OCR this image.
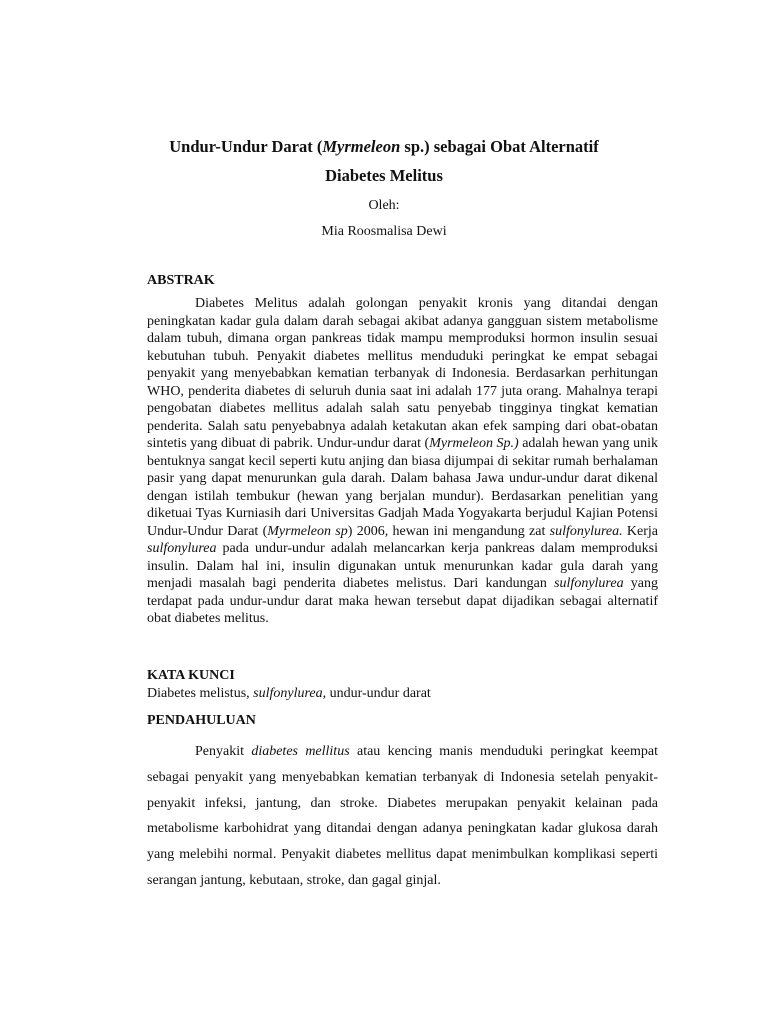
Undur-Undur Darat (Myrmeleon sp.) sebagai Obat Alternatif
Diabetes Melitus

Oleh:

Mia Roosmalisa Dewi

ABSTRAK

Diabetes Melitus adalah golongan penyakit kronis yang ditandai dengan peningkatan kadar gula dalam darah sebagai akibat adanya gangguan sistem metabolisme dalam tubuh, dimana organ pankreas tidak mampu memproduksi hormon insulin sesuai kebutuhan tubuh. Penyakit diabetes mellitus menduduki peringkat ke empat sebagai penyakit yang menyebabkan kematian terbanyak di Indonesia. Berdasarkan perhitungan WHO, penderita diabetes di seluruh dunia saat ini adalah 177 juta orang. Mahalnya terapi pengobatan diabetes mellitus adalah salah satu penyebab tingginya tingkat kematian penderita. Salah satu penyebabnya adalah ketakutan akan efek samping dari obat-obatan sintetis yang dibuat di pabrik. Undur-undur darat (Myrmeleon Sp.) adalah hewan yang unik bentuknya sangat kecil seperti kutu anjing dan biasa dijumpai di sekitar rumah berhalaman pasir yang dapat menurunkan gula darah. Dalam bahasa Jawa undur-undur darat dikenal dengan istilah tembukur (hewan yang berjalan mundur). Berdasarkan penelitian yang diketuai Tyas Kurniasih dari Universitas Gadjah Mada Yogyakarta berjudul Kajian Potensi Undur-Undur Darat (Myrmeleon sp) 2006, hewan ini mengandung zat sulfonylurea. Kerja sulfonylurea pada undur-undur adalah melancarkan kerja pankreas dalam memproduksi insulin. Dalam hal ini, insulin digunakan untuk menurunkan kadar gula darah yang menjadi masalah bagi penderita diabetes melistus. Dari kandungan sulfonylurea yang terdapat pada undur-undur darat maka hewan tersebut dapat dijadikan sebagai alternatif obat diabetes melitus.

KATA KUNCI

Diabetes melistus, sulfonylurea, undur-undur darat

PENDAHULUAN

Penyakit diabetes mellitus atau kencing manis menduduki peringkat keempat sebagai penyakit yang menyebabkan kematian terbanyak di Indonesia setelah penyakit-penyakit infeksi, jantung, dan stroke. Diabetes merupakan penyakit kelainan pada metabolisme karbohidrat yang ditandai dengan adanya peningkatan kadar glukosa darah yang melebihi normal. Penyakit diabetes mellitus dapat menimbulkan komplikasi seperti serangan jantung, kebutaan, stroke, dan gagal ginjal.
